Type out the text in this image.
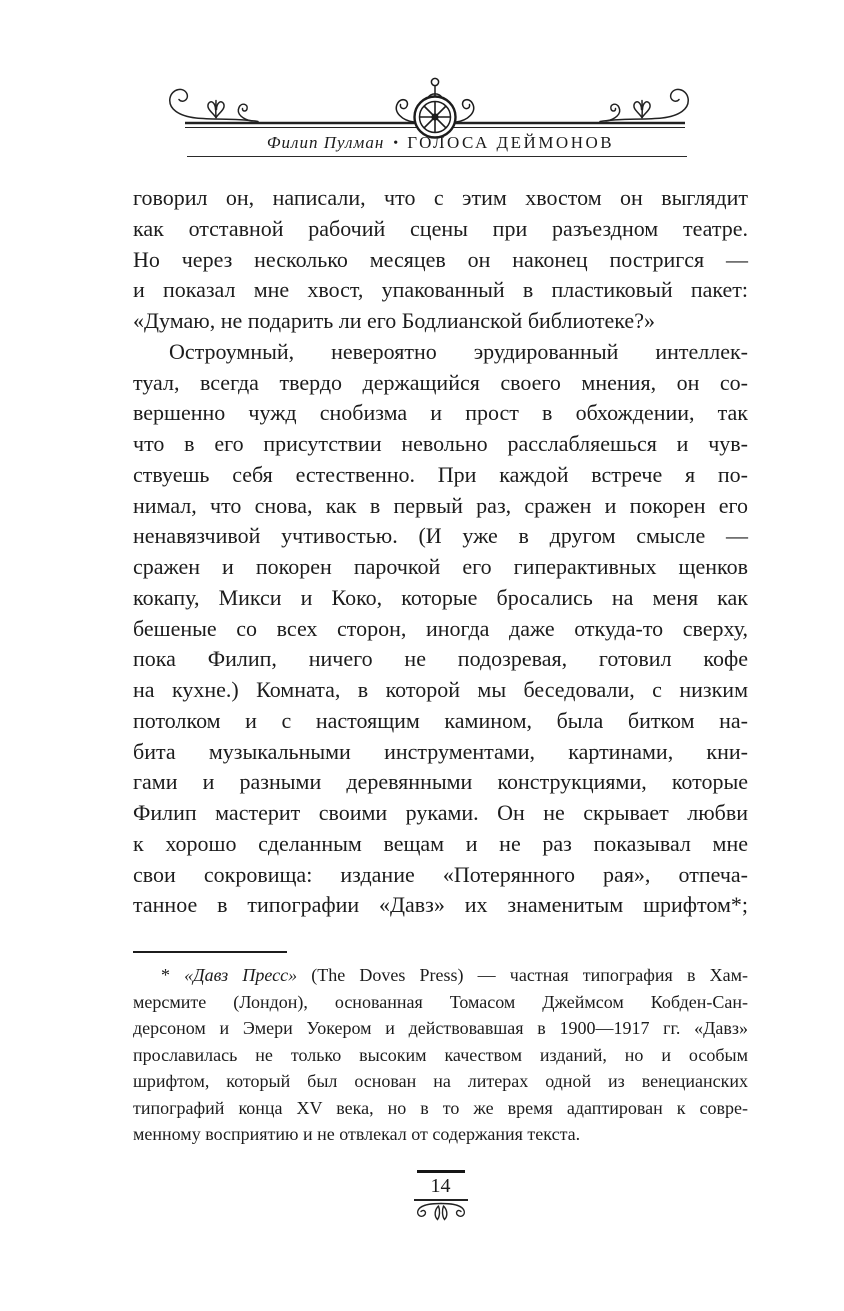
Филип Пулман • ГОЛОСА ДЕЙМОНОВ
говорил он, написали, что с этим хвостом он выглядит
как отставной рабочий сцены при разъездном театре.
Но через несколько месяцев он наконец постригся —
и показал мне хвост, упакованный в пластиковый пакет:
«Думаю, не подарить ли его Бодлианской библиотеке?»
Остроумный, невероятно эрудированный интеллек-
туал, всегда твердо держащийся своего мнения, он со-
вершенно чужд снобизма и прост в обхождении, так
что в его присутствии невольно расслабляешься и чув-
ствуешь себя естественно. При каждой встрече я по-
нимал, что снова, как в первый раз, сражен и покорен его
ненавязчивой учтивостью. (И уже в другом смысле —
сражен и покорен парочкой его гиперактивных щенков
кокапу, Микси и Коко, которые бросались на меня как
бешеные со всех сторон, иногда даже откуда-то сверху,
пока Филип, ничего не подозревая, готовил кофе
на кухне.) Комната, в которой мы беседовали, с низким
потолком и с настоящим камином, была битком на-
бита музыкальными инструментами, картинами, кни-
гами и разными деревянными конструкциями, которые
Филип мастерит своими руками. Он не скрывает любви
к хорошо сделанным вещам и не раз показывал мне
свои сокровища: издание «Потерянного рая», отпеча-
танное в типографии «Давз» их знаменитым шрифтом*;
* «Давз Пресс» (The Doves Press) — частная типография в Хам-
мерсмите (Лондон), основанная Томасом Джеймсом Кобден-Сан-
дерсоном и Эмери Уокером и действовавшая в 1900—1917 гг. «Давз»
прославилась не только высоким качеством изданий, но и особым
шрифтом, который был основан на литерах одной из венецианских
типографий конца XV века, но в то же время адаптирован к совре-
менному восприятию и не отвлекал от содержания текста.
14
